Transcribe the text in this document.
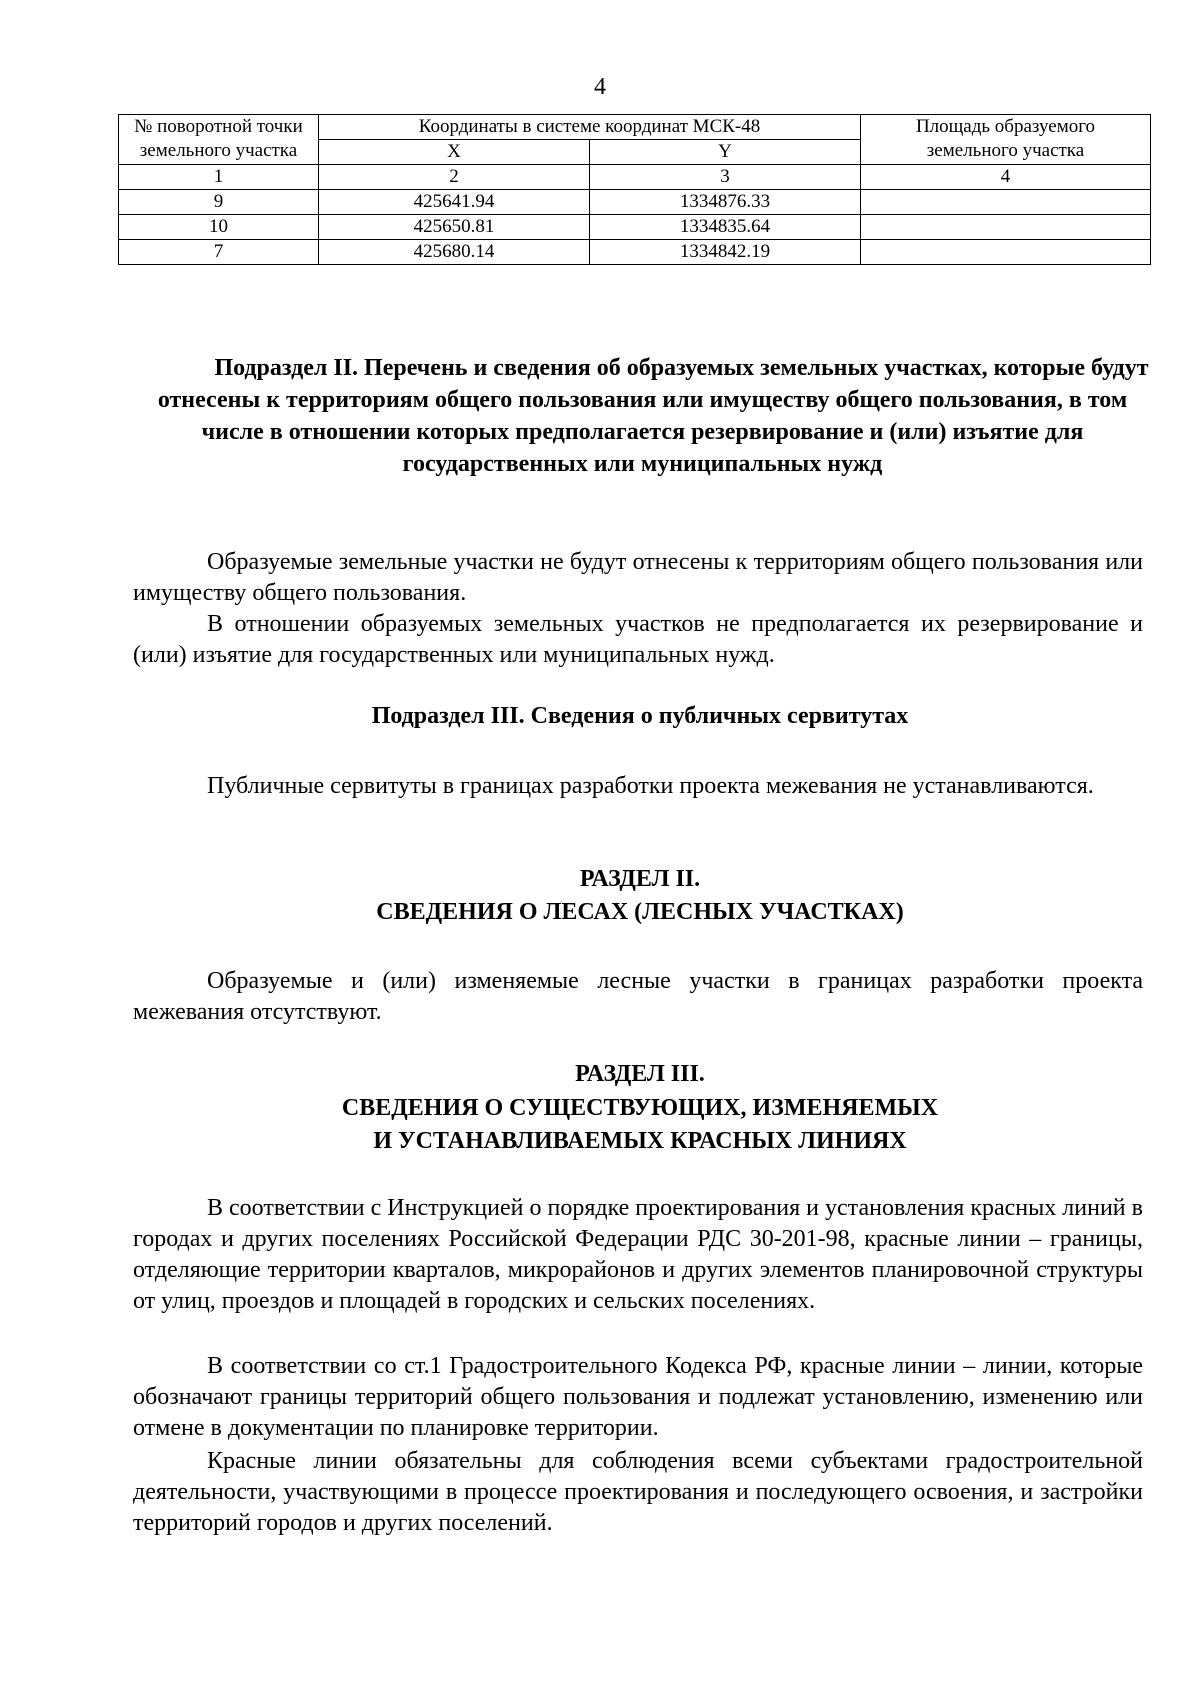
4
№ поворотной точки земельного участка	Координаты в системе координат МСК-48		Площадь образуемого земельного участка
	X	Y	
1	2	3	4
9	425641.94	1334876.33	
10	425650.81	1334835.64	
7	425680.14	1334842.19	
Подраздел II. Перечень и сведения об образуемых земельных участках, которые будут отнесены к территориям общего пользования или имуществу общего пользования, в том числе в отношении которых предполагается резервирование и (или) изъятие для государственных или муниципальных нужд

Образуемые земельные участки не будут отнесены к территориям общего пользования или имуществу общего пользования.

В отношении образуемых земельных участков не предполагается их резервирование и (или) изъятие для государственных или муниципальных нужд.

Подраздел III. Сведения о публичных сервитутах

Публичные сервитуты в границах разработки проекта межевания не устанавливаются.

РАЗДЕЛ II.
СВЕДЕНИЯ О ЛЕСАХ (ЛЕСНЫХ УЧАСТКАХ)

Образуемые и (или) изменяемые лесные участки в границах разработки проекта межевания отсутствуют.

РАЗДЕЛ III.
СВЕДЕНИЯ О СУЩЕСТВУЮЩИХ, ИЗМЕНЯЕМЫХ
И УСТАНАВЛИВАЕМЫХ КРАСНЫХ ЛИНИЯХ

В соответствии с Инструкцией о порядке проектирования и установления красных линий в городах и других поселениях Российской Федерации РДС 30-201-98, красные линии – границы, отделяющие территории кварталов, микрорайонов и других элементов планировочной структуры от улиц, проездов и площадей в городских и сельских поселениях.

В соответствии со ст.1 Градостроительного Кодекса РФ, красные линии – линии, которые обозначают границы территорий общего пользования и подлежат установлению, изменению или отмене в документации по планировке территории.

Красные линии обязательны для соблюдения всеми субъектами градостроительной деятельности, участвующими в процессе проектирования и последующего освоения, и застройки территорий городов и других поселений.
